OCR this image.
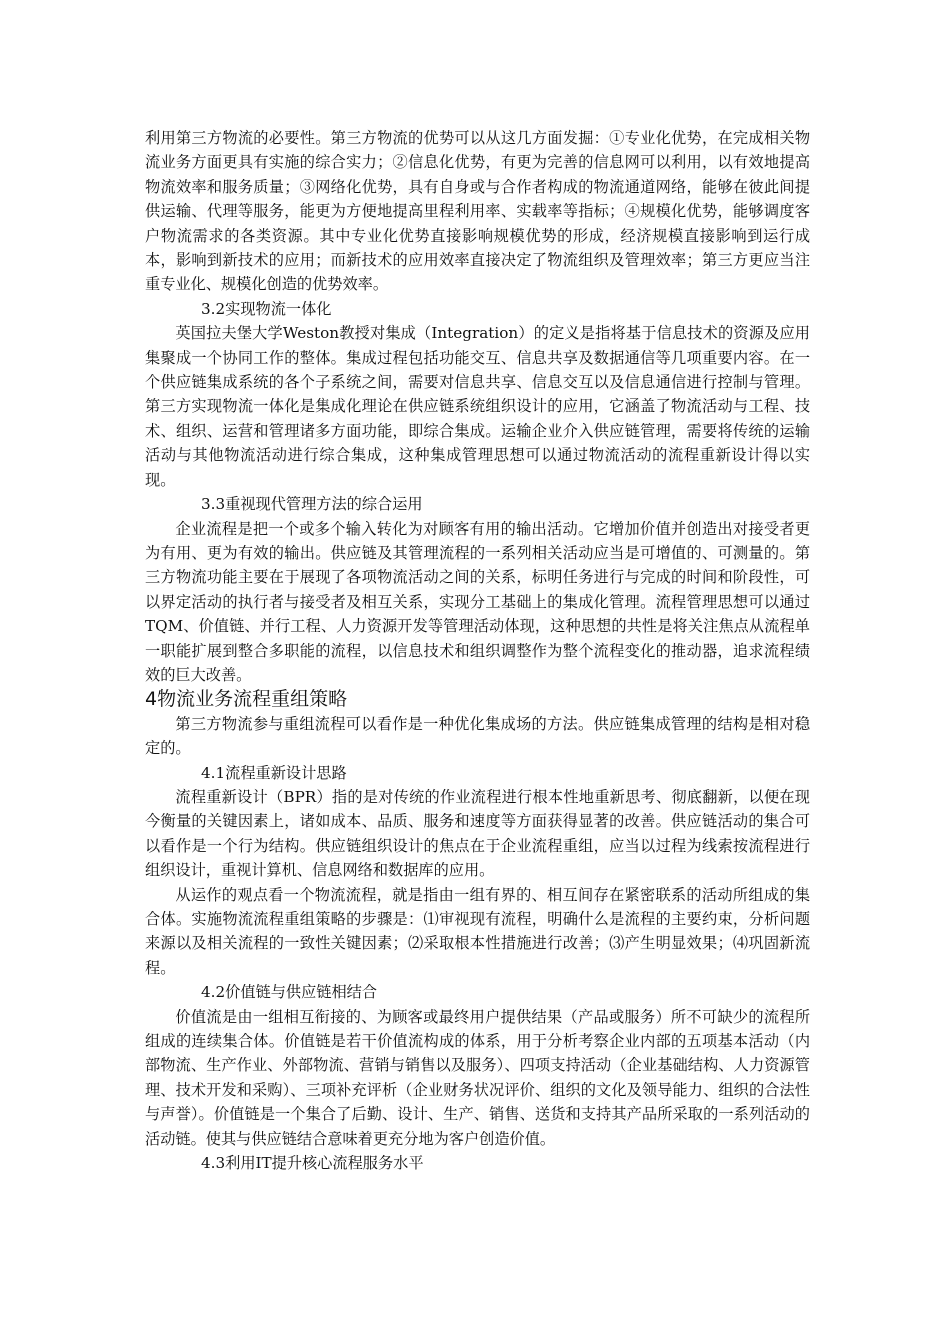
利用第三方物流的必要性。第三方物流的优势可以从这几方面发掘：①专业化优势，在完成相关物流业务方面更具有实施的综合实力；②信息化优势，有更为完善的信息网可以利用，以有效地提高物流效率和服务质量；③网络化优势，具有自身或与合作者构成的物流通道网络，能够在彼此间提供运输、代理等服务，能更为方便地提高里程利用率、实载率等指标；④规模化优势，能够调度客户物流需求的各类资源。其中专业化优势直接影响规模优势的形成，经济规模直接影响到运行成本，影响到新技术的应用；而新技术的应用效率直接决定了物流组织及管理效率；第三方更应当注重专业化、规模化创造的优势效率。

3.2实现物流一体化

英国拉夫堡大学Weston教授对集成（Integration）的定义是指将基于信息技术的资源及应用集聚成一个协同工作的整体。集成过程包括功能交互、信息共享及数据通信等几项重要内容。在一个供应链集成系统的各个子系统之间，需要对信息共享、信息交互以及信息通信进行控制与管理。第三方实现物流一体化是集成化理论在供应链系统组织设计的应用，它涵盖了物流活动与工程、技术、组织、运营和管理诸多方面功能，即综合集成。运输企业介入供应链管理，需要将传统的运输活动与其他物流活动进行综合集成，这种集成管理思想可以通过物流活动的流程重新设计得以实现。

3.3重视现代管理方法的综合运用

企业流程是把一个或多个输入转化为对顾客有用的输出活动。它增加价值并创造出对接受者更为有用、更为有效的输出。供应链及其管理流程的一系列相关活动应当是可增值的、可测量的。第三方物流功能主要在于展现了各项物流活动之间的关系，标明任务进行与完成的时间和阶段性，可以界定活动的执行者与接受者及相互关系，实现分工基础上的集成化管理。流程管理思想可以通过TQM、价值链、并行工程、人力资源开发等管理活动体现，这种思想的共性是将关注焦点从流程单一职能扩展到整合多职能的流程，以信息技术和组织调整作为整个流程变化的推动器，追求流程绩效的巨大改善。

4物流业务流程重组策略

第三方物流参与重组流程可以看作是一种优化集成场的方法。供应链集成管理的结构是相对稳定的。

4.1流程重新设计思路

流程重新设计（BPR）指的是对传统的作业流程进行根本性地重新思考、彻底翻新，以便在现今衡量的关键因素上，诸如成本、品质、服务和速度等方面获得显著的改善。供应链活动的集合可以看作是一个行为结构。供应链组织设计的焦点在于企业流程重组，应当以过程为线索按流程进行组织设计，重视计算机、信息网络和数据库的应用。

从运作的观点看一个物流流程，就是指由一组有界的、相互间存在紧密联系的活动所组成的集合体。实施物流流程重组策略的步骤是：⑴审视现有流程，明确什么是流程的主要约束，分析问题来源以及相关流程的一致性关键因素；⑵采取根本性措施进行改善；⑶产生明显效果；⑷巩固新流程。

4.2价值链与供应链相结合

价值流是由一组相互衔接的、为顾客或最终用户提供结果（产品或服务）所不可缺少的流程所组成的连续集合体。价值链是若干价值流构成的体系，用于分析考察企业内部的五项基本活动（内部物流、生产作业、外部物流、营销与销售以及服务）、四项支持活动（企业基础结构、人力资源管理、技术开发和采购）、三项补充评析（企业财务状况评价、组织的文化及领导能力、组织的合法性与声誉）。价值链是一个集合了后勤、设计、生产、销售、送货和支持其产品所采取的一系列活动的活动链。使其与供应链结合意味着更充分地为客户创造价值。

4.3利用IT提升核心流程服务水平
